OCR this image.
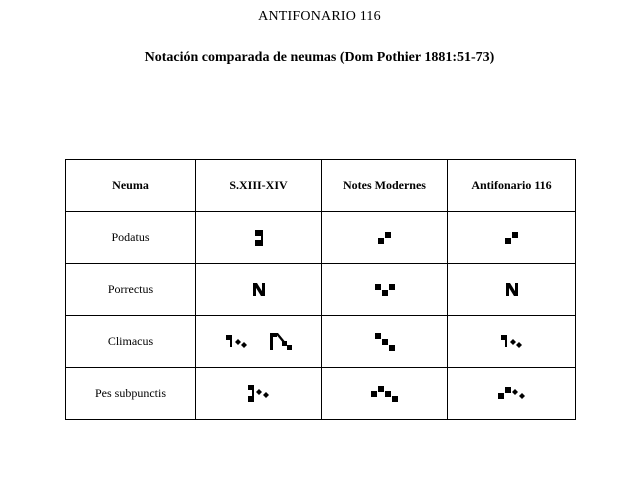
ANTIFONARIO 116
Notación comparada de neumas (Dom Pothier 1881:51-73)
Neuma	S.XIII-XIV	Notes Modernes	Antifonario 116
Podatus	

Porrectus	

Climacus	

Pes subpunctis	
